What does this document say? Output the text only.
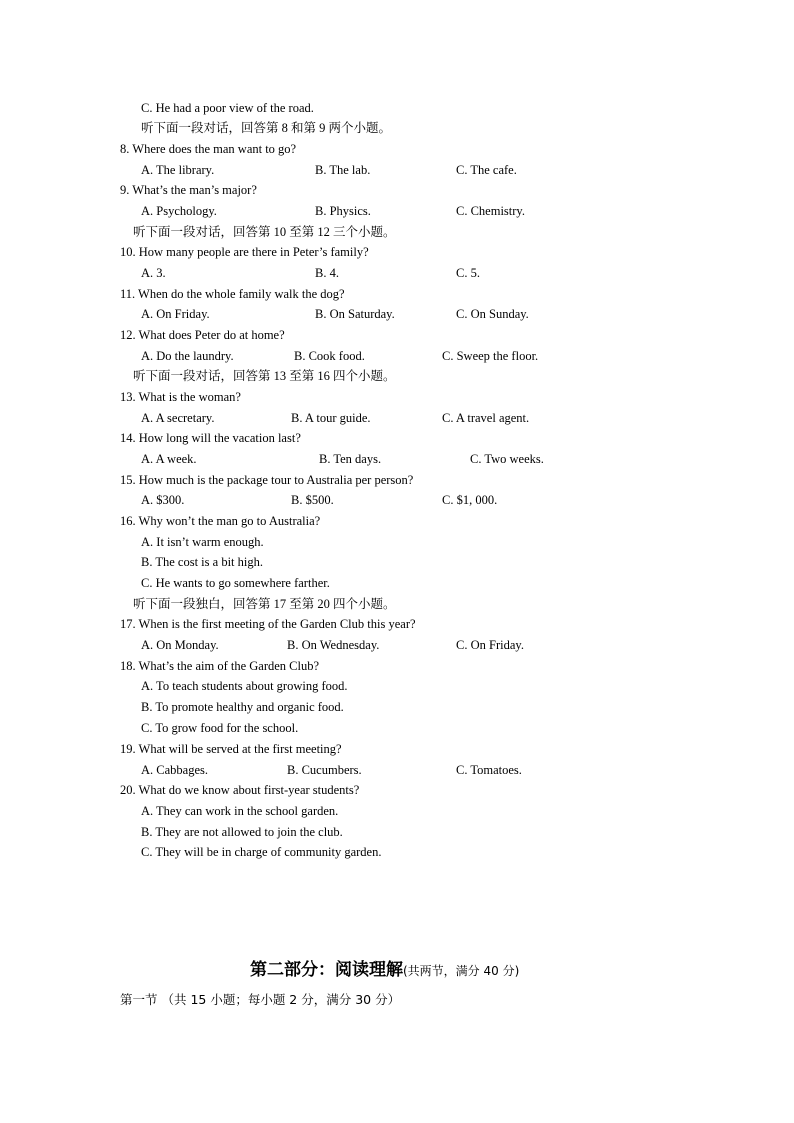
C. He had a poor view of the road.
听下面一段对话，回答第 8 和第 9 两个小题。
8. Where does the man want to go?
A. The library.	B. The lab.	C. The cafe.
9. What’s the man’s major?
A. Psychology.	B. Physics.	C. Chemistry.
听下面一段对话，回答第 10 至第 12 三个小题。
10. How many people are there in Peter’s family?
A. 3.	B. 4.	C. 5.
11. When do the whole family walk the dog?
A. On Friday.	B. On Saturday.	C. On Sunday.
12. What does Peter do at home?
A. Do the laundry.	B. Cook food.	C. Sweep the floor.
听下面一段对话，回答第 13 至第 16 四个小题。
13. What is the woman?
A. A secretary.	B. A tour guide.	C. A travel agent.
14. How long will the vacation last?
A. A week.	B. Ten days.	C. Two weeks.
15. How much is the package tour to Australia per person?
A. $300.	B. $500.	C. $1, 000.
16. Why won’t the man go to Australia?
A. It isn’t warm enough.
B. The cost is a bit high.
C. He wants to go somewhere farther.
听下面一段独白，回答第 17 至第 20 四个小题。
17. When is the first meeting of the Garden Club this year?
A. On Monday.	B. On Wednesday.	C. On Friday.
18. What’s the aim of the Garden Club?
A. To teach students about growing food.
B. To promote healthy and organic food.
C. To grow food for the school.
19. What will be served at the first meeting?
A. Cabbages.	B. Cucumbers.	C. Tomatoes.
20. What do we know about first-year students?
A. They can work in the school garden.
B. They are not allowed to join the club.
C. They will be in charge of community garden.
第二部分：阅读理解(共两节，满分 40 分)
第一节 （共 15 小题；每小题 2 分，满分 30 分）
